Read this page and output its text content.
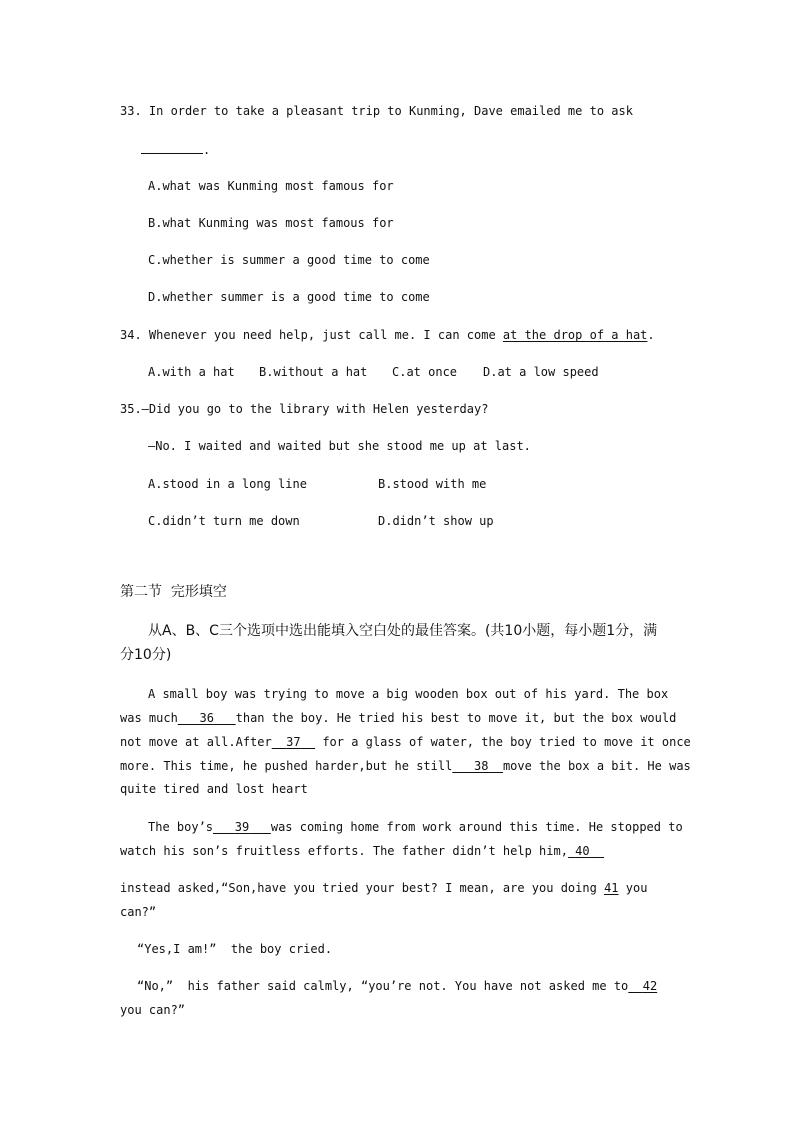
33. In order to take a pleasant trip to Kunming, Dave emailed me to ask
.
A.what was Kunming most famous for
B.what Kunming was most famous for
C.whether is summer a good time to come
D.whether summer is a good time to come
34. Whenever you need help, just call me. I can come at the drop of a hat.
A.with a hat B.without a hat C.at once D.at a low speed
35.—Did you go to the library with Helen yesterday?
—No. I waited and waited but she stood me up at last.
A.stood in a long line	B.stood with me
C.didn’t turn me down	D.didn’t show up
第二节  完形填空
从A、B、C三个选项中选出能填入空白处的最佳答案。(共10小题，每小题1分，满
分10分)
A small boy was trying to move a big wooden box out of his yard. The box
was much 36 than the boy. He tried his best to move it, but the box would
not move at all.After 37 for a glass of water, the boy tried to move it once
more. This time, he pushed harder,but he still 38 move the box a bit. He was
quite tired and lost heart
The boy’s 39 was coming home from work around this time. He stopped to
watch his son’s fruitless efforts. The father didn’t help him, 40
instead asked,“Son,have you tried your best? I mean, are you doing 41 you
can?”
“Yes,I am!”  the boy cried.
“No,”  his father said calmly, “you’re not. You have not asked me to 42
you can?”
